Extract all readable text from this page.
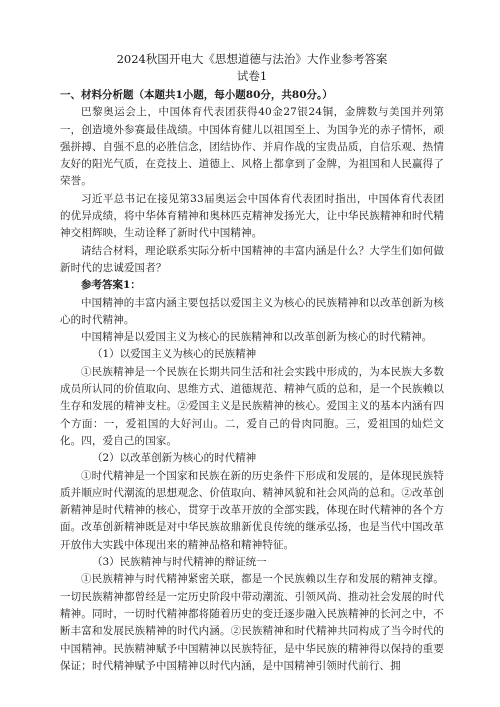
2024秋国开电大《思想道德与法治》大作业参考答案

试卷1

一、材料分析题（本题共1小题，每小题80分，共80分。）

巴黎奥运会上，中国体育代表团获得40金27银24铜，金牌数与美国并列第一，创造境外参赛最佳战绩。中国体育健儿以祖国至上、为国争光的赤子情怀，顽强拼搏、自强不息的必胜信念，团结协作、并肩作战的宝贵品质，自信乐观、热情友好的阳光气质，在竞技上、道德上、风格上都拿到了金牌，为祖国和人民赢得了荣誉。

习近平总书记在接见第33届奥运会中国体育代表团时指出，中国体育代表团的优异成绩，将中华体育精神和奥林匹克精神发扬光大，让中华民族精神和时代精神交相辉映，生动诠释了新时代中国精神。

请结合材料，理论联系实际分析中国精神的丰富内涵是什么？大学生们如何做新时代的忠诚爱国者？

参考答案1：

中国精神的丰富内涵主要包括以爱国主义为核心的民族精神和以改革创新为核心的时代精神。

中国精神是以爱国主义为核心的民族精神和以改革创新为核心的时代精神。

（1）以爱国主义为核心的民族精神

①民族精神是一个民族在长期共同生活和社会实践中形成的，为本民族大多数成员所认同的价值取向、思维方式、道德规范、精神气质的总和，是一个民族赖以生存和发展的精神支柱。②爱国主义是民族精神的核心。爱国主义的基本内涵有四个方面：一，爱祖国的大好河山。二，爱自己的骨肉同胞。三，爱祖国的灿烂文化。四，爱自己的国家。

（2）以改革创新为核心的时代精神

①时代精神是一个国家和民族在新的历史条件下形成和发展的，是体现民族特质并顺应时代潮流的思想观念、价值取向、精神风貌和社会风尚的总和。②改革创新精神是时代精神的核心，贯穿于改革开放的全部实践，体现在时代精神的各个方面。改革创新精神既是对中华民族故鼎新优良传统的继承弘扬，也是当代中国改革开放伟大实践中体现出来的精神品格和精神特征。

（3）民族精神与时代精神的辩证统一

①民族精神与时代精神紧密关联，都是一个民族赖以生存和发展的精神支撑。一切民族精神都曾经是一定历史阶段中带动潮流、引领风尚、推动社会发展的时代精神。同时，一切时代精神都将随着历史的变迁逐步融入民族精神的长河之中，不断丰富和发展民族精神的时代内涵。②民族精神和时代精神共同构成了当今时代的中国精神。民族精神赋予中国精神以民族特征，是中华民族的精神得以保持的重要保证；时代精神赋予中国精神以时代内涵，是中国精神引领时代前行、拥
